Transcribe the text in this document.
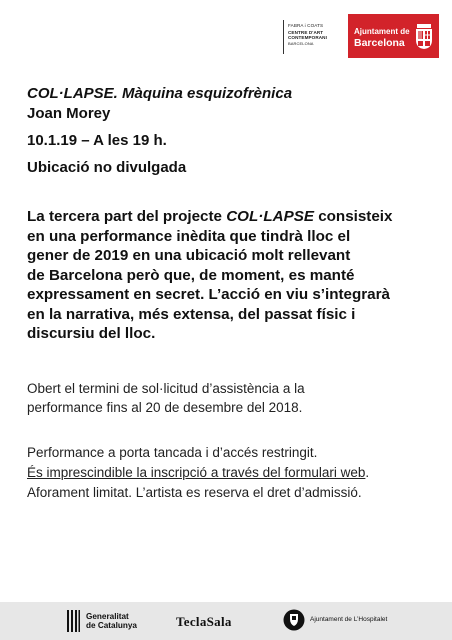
FABRA i COATS
CENTRE D'ART
CONTEMPORANI
BARCELONA
Ajuntament de
Barcelona

COL·LAPSE. Màquina esquizofrènica

Joan Morey

10.1.19 – A les 19 h.

Ubicació no divulgada

La tercera part del projecte COL·LAPSE consisteix
en una performance inèdita que tindrà lloc el
gener de 2019 en una ubicació molt rellevant
de Barcelona però que, de moment, es manté
expressament en secret. L’acció en viu s’integrarà
en la narrativa, més extensa, del passat físic i
discursiu del lloc.
Obert el termini de sol·licitud d’assistència a la
performance fins al 20 de desembre del 2018.
Performance a porta tancada i d’accés restringit.
És imprescindible la inscripció a través del formulari web.
Aforament limitat. L’artista es reserva el dret d’admissió.
Generalitat
de Catalunya	TeclaSala	Ajuntament de L’Hospitalet
